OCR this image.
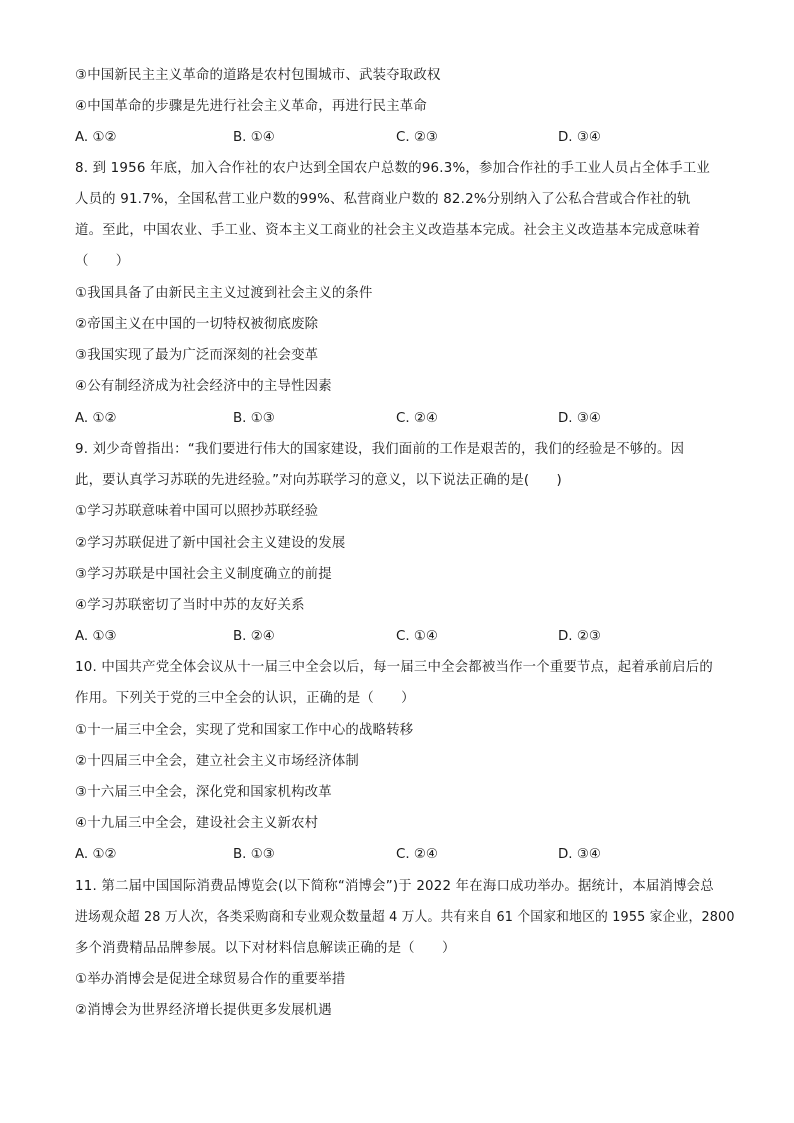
③中国新民主主义革命的道路是农村包围城市、武装夺取政权
④中国革命的步骤是先进行社会主义革命，再进行民主革命
A. ①②	B. ①④	C. ②③	D. ③④
8. 到 1956 年底，加入合作社的农户达到全国农户总数的96.3%，参加合作社的手工业人员占全体手工业
人员的 91.7%，全国私营工业户数的99%、私营商业户数的 82.2%分别纳入了公私合营或合作社的轨
道。至此，中国农业、手工业、资本主义工商业的社会主义改造基本完成。社会主义改造基本完成意味着
（　　）
①我国具备了由新民主主义过渡到社会主义的条件
②帝国主义在中国的一切特权被彻底废除
③我国实现了最为广泛而深刻的社会变革
④公有制经济成为社会经济中的主导性因素
A. ①②	B. ①③	C. ②④	D. ③④
9. 刘少奇曾指出：“我们要进行伟大的国家建设，我们面前的工作是艰苦的，我们的经验是不够的。因
此，要认真学习苏联的先进经验。”对向苏联学习的意义，以下说法正确的是(　　)
①学习苏联意味着中国可以照抄苏联经验
②学习苏联促进了新中国社会主义建设的发展
③学习苏联是中国社会主义制度确立的前提
④学习苏联密切了当时中苏的友好关系
A. ①③	B. ②④	C. ①④	D. ②③
10. 中国共产党全体会议从十一届三中全会以后，每一届三中全会都被当作一个重要节点，起着承前启后的
作用。下列关于党的三中全会的认识，正确的是（　　）
①十一届三中全会，实现了党和国家工作中心的战略转移
②十四届三中全会，建立社会主义市场经济体制
③十六届三中全会，深化党和国家机构改革
④十九届三中全会，建设社会主义新农村
A. ①②	B. ①③	C. ②④	D. ③④
11. 第二届中国国际消费品博览会(以下简称“消博会”)于 2022 年在海口成功举办。据统计，本届消博会总
进场观众超 28 万人次，各类采购商和专业观众数量超 4 万人。共有来自 61 个国家和地区的 1955 家企业，2800
多个消费精品品牌参展。以下对材料信息解读正确的是（　　）
①举办消博会是促进全球贸易合作的重要举措
②消博会为世界经济增长提供更多发展机遇
